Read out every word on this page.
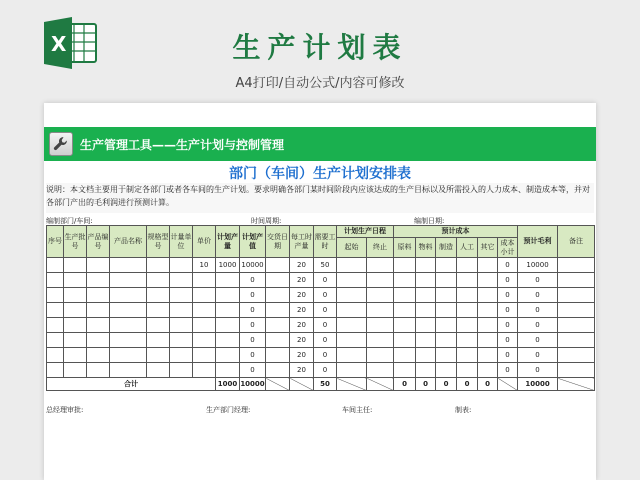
X	生产计划表
A4打印/自动公式/内容可修改
生产管理工具——生产计划与控制管理
部门（车间）生产计划安排表
说明：本文档主要用于制定各部门或者各车间的生产计划。要求明确各部门某时间阶段内应该达成的生产目标以及所需投入的人力成本、制造成本等，并对各部门产出的毛利润进行预测计算。
编制部门/车间:	时间周期:	编制日期:
序号	生产批号	产品编号	产品名称	规格型号	计量单位	单价	计划产量	计划产值	交货日期	每工时产量	需要工时	计划生产日程		预计成本						预计毛利	备注
												起始	终止	原料	物料	制造	人工	其它	成本小计		
						10	1000	10000		20	50								0	10000	
								0		20	0								0	0	
								0		20	0								0	0	
								0		20	0								0	0	
								0		20	0								0	0	
								0		20	0								0	0	
								0		20	0								0	0	
								0		20	0								0	0	
合计							1000	10000			50			0	0	0	0	0		10000	
总经理审批:	生产部门经理:	车间主任:	制表:
